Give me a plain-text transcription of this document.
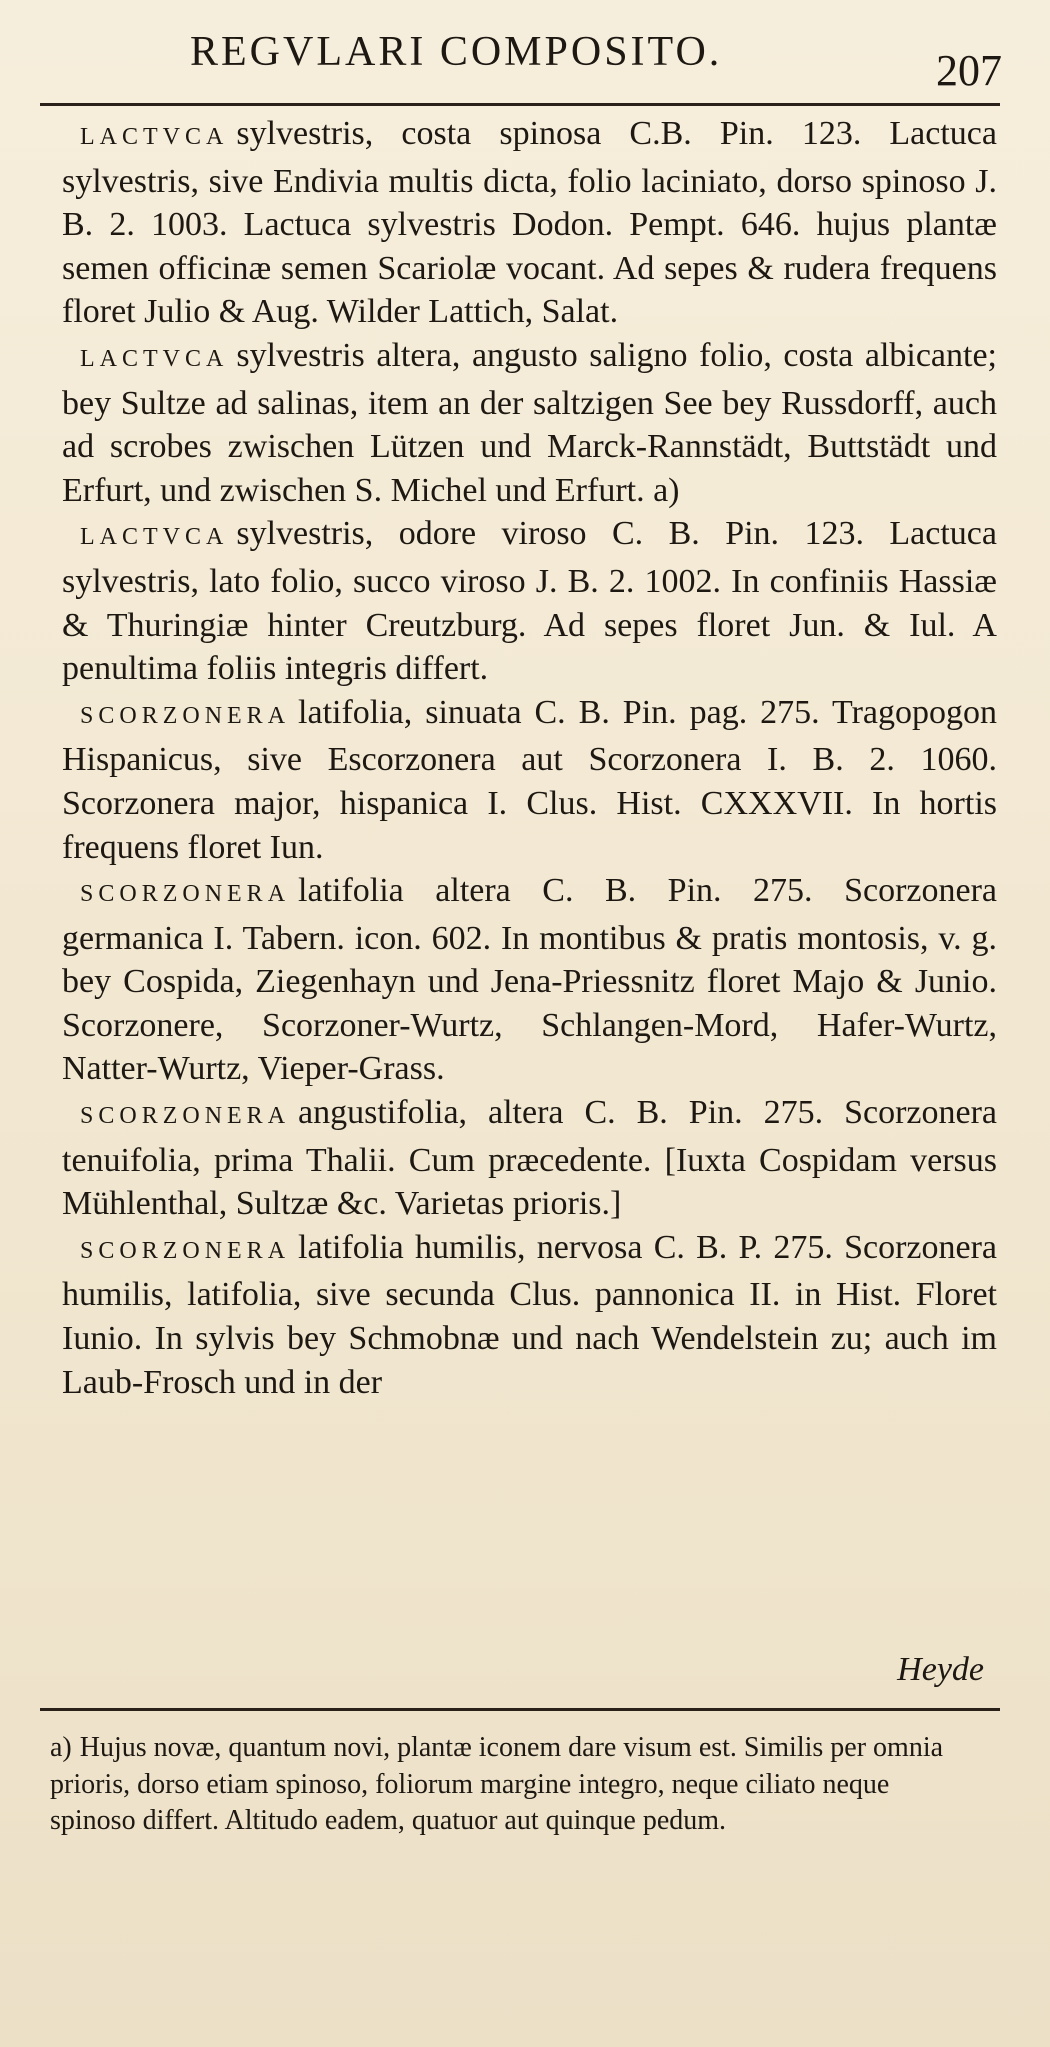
REGVLARI COMPOSITO.	207

LACTVCA sylvestris, costa spinosa C.B. Pin. 123. Lactuca sylvestris, sive Endivia multis dicta, folio laciniato, dorso spinoso J. B. 2. 1003. Lactuca sylvestris Dodon. Pempt. 646. hujus plantæ semen officinæ semen Scariolæ vocant. Ad sepes & rudera frequens floret Julio & Aug. Wilder Lattich, Salat.

LACTVCA sylvestris altera, angusto saligno folio, costa albicante; bey Sultze ad salinas, item an der saltzigen See bey Russdorff, auch ad scrobes zwischen Lützen und Marck-Rannstädt, Buttstädt und Erfurt, und zwischen S. Michel und Erfurt. a)

LACTVCA sylvestris, odore viroso C. B. Pin. 123. Lactuca sylvestris, lato folio, succo viroso J. B. 2. 1002. In confiniis Hassiæ & Thuringiæ hinter Creutzburg. Ad sepes floret Jun. & Iul. A penultima foliis integris differt.

SCORZONERA latifolia, sinuata C. B. Pin. pag. 275. Tragopogon Hispanicus, sive Escorzonera aut Scorzonera I. B. 2. 1060. Scorzonera major, hispanica I. Clus. Hist. CXXXVII. In hortis frequens floret Iun.

SCORZONERA latifolia altera C. B. Pin. 275. Scorzonera germanica I. Tabern. icon. 602. In montibus & pratis montosis, v. g. bey Cospida, Ziegenhayn und Jena-Priessnitz floret Majo & Junio. Scorzonere, Scorzoner-Wurtz, Schlangen-Mord, Hafer-Wurtz, Natter-Wurtz, Vieper-Grass.

SCORZONERA angustifolia, altera C. B. Pin. 275. Scorzonera tenuifolia, prima Thalii. Cum præcedente. [Iuxta Cospidam versus Mühlenthal, Sultzæ &c. Varietas prioris.]

SCORZONERA latifolia humilis, nervosa C. B. P. 275. Scorzonera humilis, latifolia, sive secunda Clus. pannonica II. in Hist. Floret Iunio. In sylvis bey Schmobnæ und nach Wendelstein zu; auch im Laub-Frosch und in der

Heyde
a) Hujus novæ, quantum novi, plantæ iconem dare visum est. Similis per omnia prioris, dorso etiam spinoso, foliorum margine integro, neque ciliato neque spinoso differt. Altitudo eadem, quatuor aut quinque pedum.
